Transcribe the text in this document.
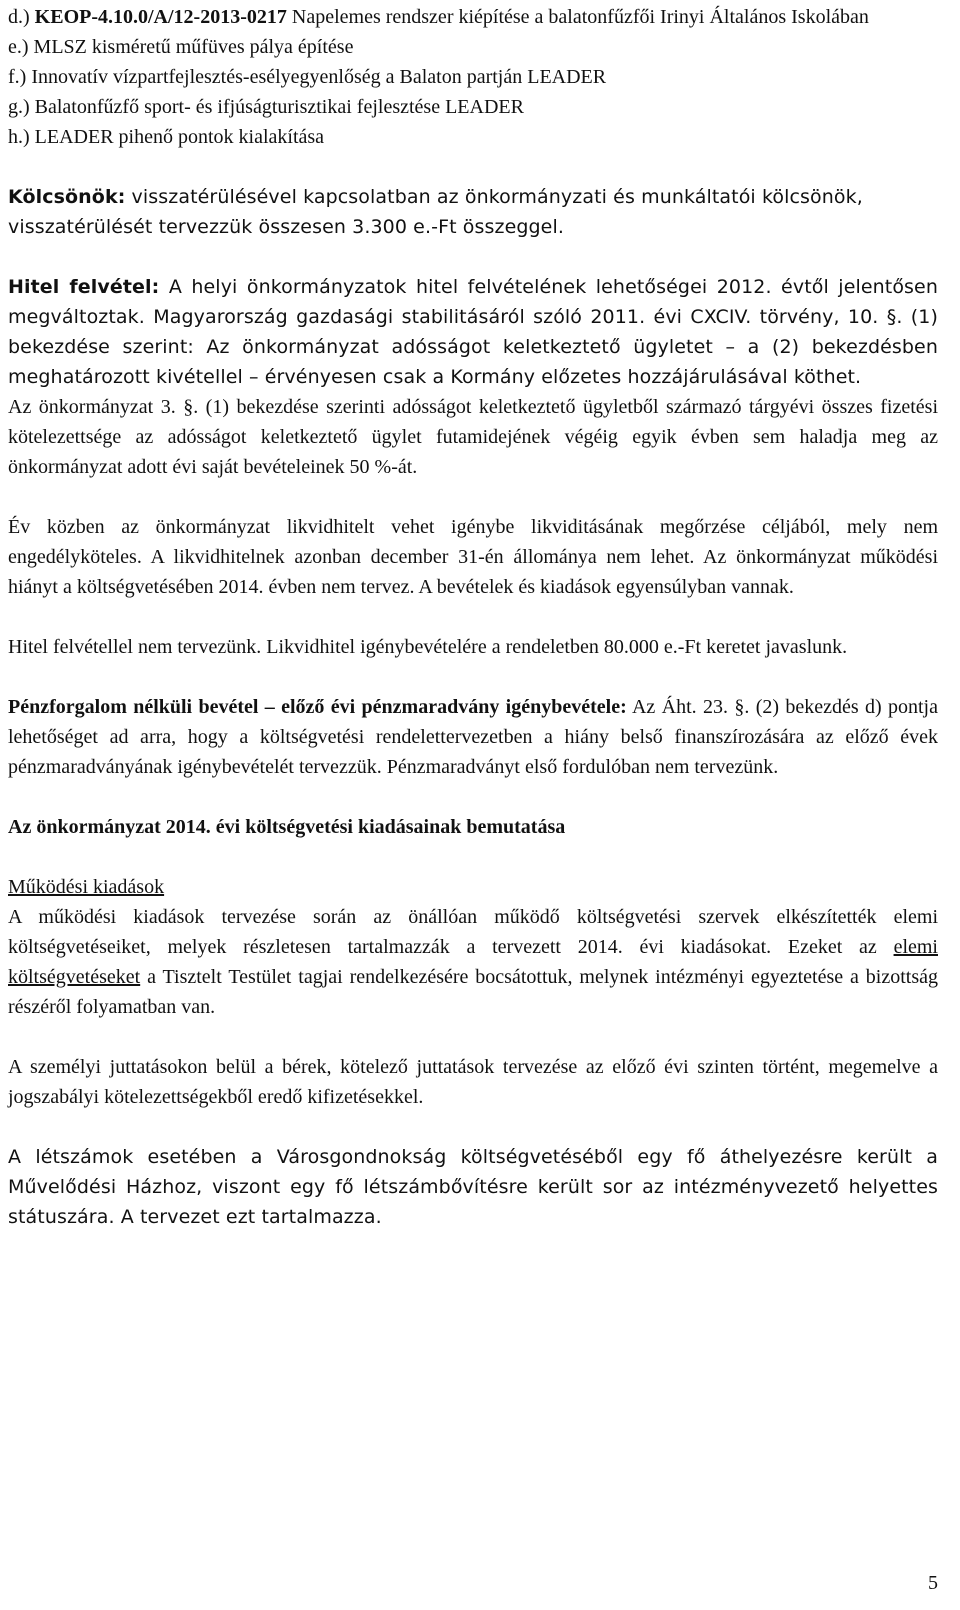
d.) KEOP-4.10.0/A/12-2013-0217 Napelemes rendszer kiépítése a balatonfűzfői Irinyi Általános Iskolában

e.) MLSZ kisméretű műfüves pálya építése

f.) Innovatív vízpartfejlesztés-esélyegyenlőség a Balaton partján LEADER

g.) Balatonfűzfő sport- és ifjúságturisztikai fejlesztése LEADER

h.) LEADER pihenő pontok kialakítása

Kölcsönök: visszatérülésével kapcsolatban az önkormányzati és munkáltatói kölcsönök, visszatérülését tervezzük összesen 3.300 e.-Ft összeggel.

Hitel felvétel: A helyi önkormányzatok hitel felvételének lehetőségei 2012. évtől jelentősen megváltoztak. Magyarország gazdasági stabilitásáról szóló 2011. évi CXCIV. törvény, 10. §. (1) bekezdése szerint: Az önkormányzat adósságot keletkeztető ügyletet – a (2) bekezdésben meghatározott kivétellel – érvényesen csak a Kormány előzetes hozzájárulásával köthet.

Az önkormányzat 3. §. (1) bekezdése szerinti adósságot keletkeztető ügyletből származó tárgyévi összes fizetési kötelezettsége az adósságot keletkeztető ügylet futamidejének végéig egyik évben sem haladja meg az önkormányzat adott évi saját bevételeinek 50 %-át.

Év közben az önkormányzat likvidhitelt vehet igénybe likviditásának megőrzése céljából, mely nem engedélyköteles. A likvidhitelnek azonban december 31-én állománya nem lehet. Az önkormányzat működési hiányt a költségvetésében 2014. évben nem tervez. A bevételek és kiadások egyensúlyban vannak.

Hitel felvétellel nem tervezünk. Likvidhitel igénybevételére a rendeletben 80.000 e.-Ft keretet javaslunk.

Pénzforgalom nélküli bevétel – előző évi pénzmaradvány igénybevétele: Az Áht. 23. §. (2) bekezdés d) pontja lehetőséget ad arra, hogy a költségvetési rendelettervezetben a hiány belső finanszírozására az előző évek pénzmaradványának igénybevételét tervezzük. Pénzmaradványt első fordulóban nem tervezünk.

Az önkormányzat 2014. évi költségvetési kiadásainak bemutatása

Működési kiadások

A működési kiadások tervezése során az önállóan működő költségvetési szervek elkészítették elemi költségvetéseiket, melyek részletesen tartalmazzák a tervezett 2014. évi kiadásokat. Ezeket az elemi költségvetéseket a Tisztelt Testület tagjai rendelkezésére bocsátottuk, melynek intézményi egyeztetése a bizottság részéről folyamatban van.

A személyi juttatásokon belül a bérek, kötelező juttatások tervezése az előző évi szinten történt, megemelve a jogszabályi kötelezettségekből eredő kifizetésekkel.

A létszámok esetében a Városgondnokság költségvetéséből egy fő áthelyezésre került a Művelődési Házhoz, viszont egy fő létszámbővítésre került sor az intézményvezető helyettes státuszára. A tervezet ezt tartalmazza.

5
